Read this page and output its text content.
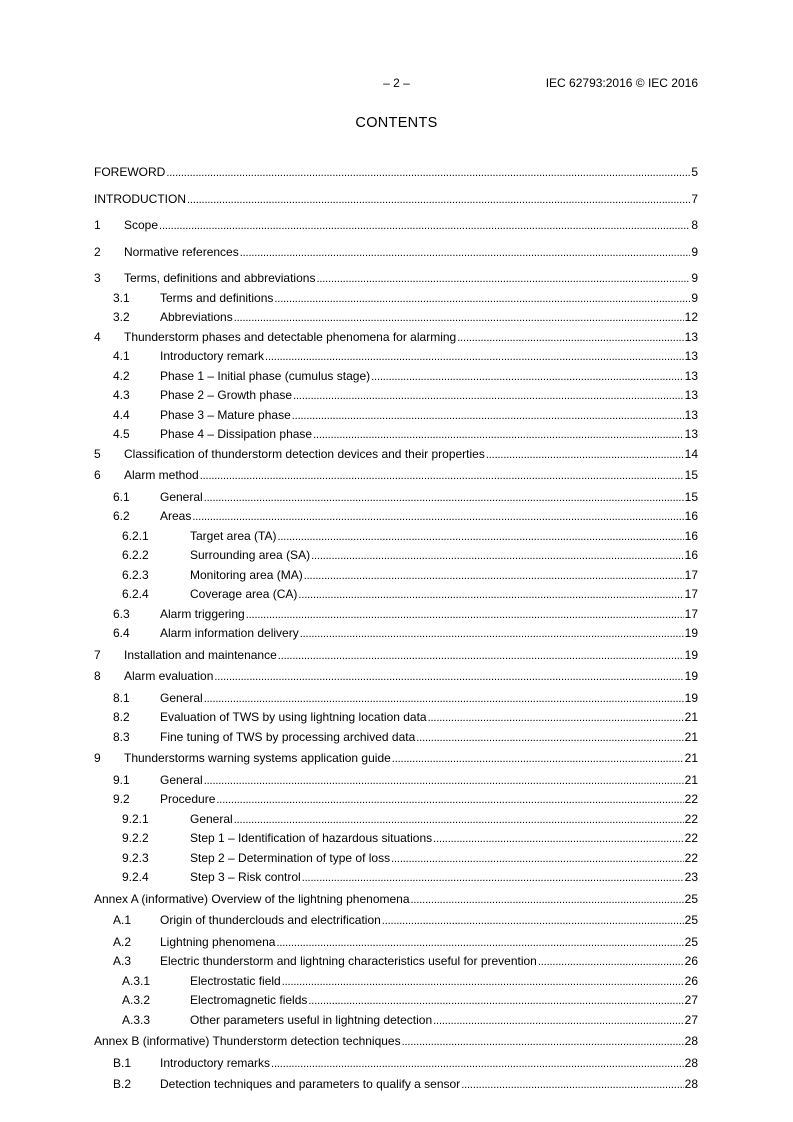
– 2 –	IEC 62793:2016 © IEC 2016
CONTENTS
FOREWORD . . .	5
INTRODUCTION . . .	7
1	Scope . . .	8
2	Normative references . . .	9
3	Terms, definitions and abbreviations . . .	9
3.1	Terms and definitions . . .	9
3.2	Abbreviations . . .	12
4	Thunderstorm phases and detectable phenomena for alarming . . .	13
4.1	Introductory remark . . .	13
4.2	Phase 1 – Initial phase (cumulus stage) . . .	13
4.3	Phase 2 – Growth phase . . .	13
4.4	Phase 3 – Mature phase . . .	13
4.5	Phase 4 – Dissipation phase . . .	13
5	Classification of thunderstorm detection devices and their properties . . .	14
6	Alarm method . . .	15
6.1	General . . .	15
6.2	Areas . . .	16
6.2.1	Target area (TA) . . .	16
6.2.2	Surrounding area (SA) . . .	16
6.2.3	Monitoring area (MA) . . .	17
6.2.4	Coverage area (CA) . . .	17
6.3	Alarm triggering . . .	17
6.4	Alarm information delivery . . .	19
7	Installation and maintenance . . .	19
8	Alarm evaluation . . .	19
8.1	General . . .	19
8.2	Evaluation of TWS by using lightning location data . . .	21
8.3	Fine tuning of TWS by processing archived data . . .	21
9	Thunderstorms warning systems application guide . . .	21
9.1	General . . .	21
9.2	Procedure . . .	22
9.2.1	General . . .	22
9.2.2	Step 1 – Identification of hazardous situations . . .	22
9.2.3	Step 2 – Determination of type of loss . . .	22
9.2.4	Step 3 – Risk control . . .	23
Annex A (informative) Overview of the lightning phenomena . . .	25
A.1	Origin of thunderclouds and electrification . . .	25
A.2	Lightning phenomena . . .	25
A.3	Electric thunderstorm and lightning characteristics useful for prevention . . .	26
A.3.1	Electrostatic field . . .	26
A.3.2	Electromagnetic fields . . .	27
A.3.3	Other parameters useful in lightning detection . . .	27
Annex B (informative) Thunderstorm detection techniques . . .	28
B.1	Introductory remarks . . .	28
B.2	Detection techniques and parameters to qualify a sensor . . .	28
